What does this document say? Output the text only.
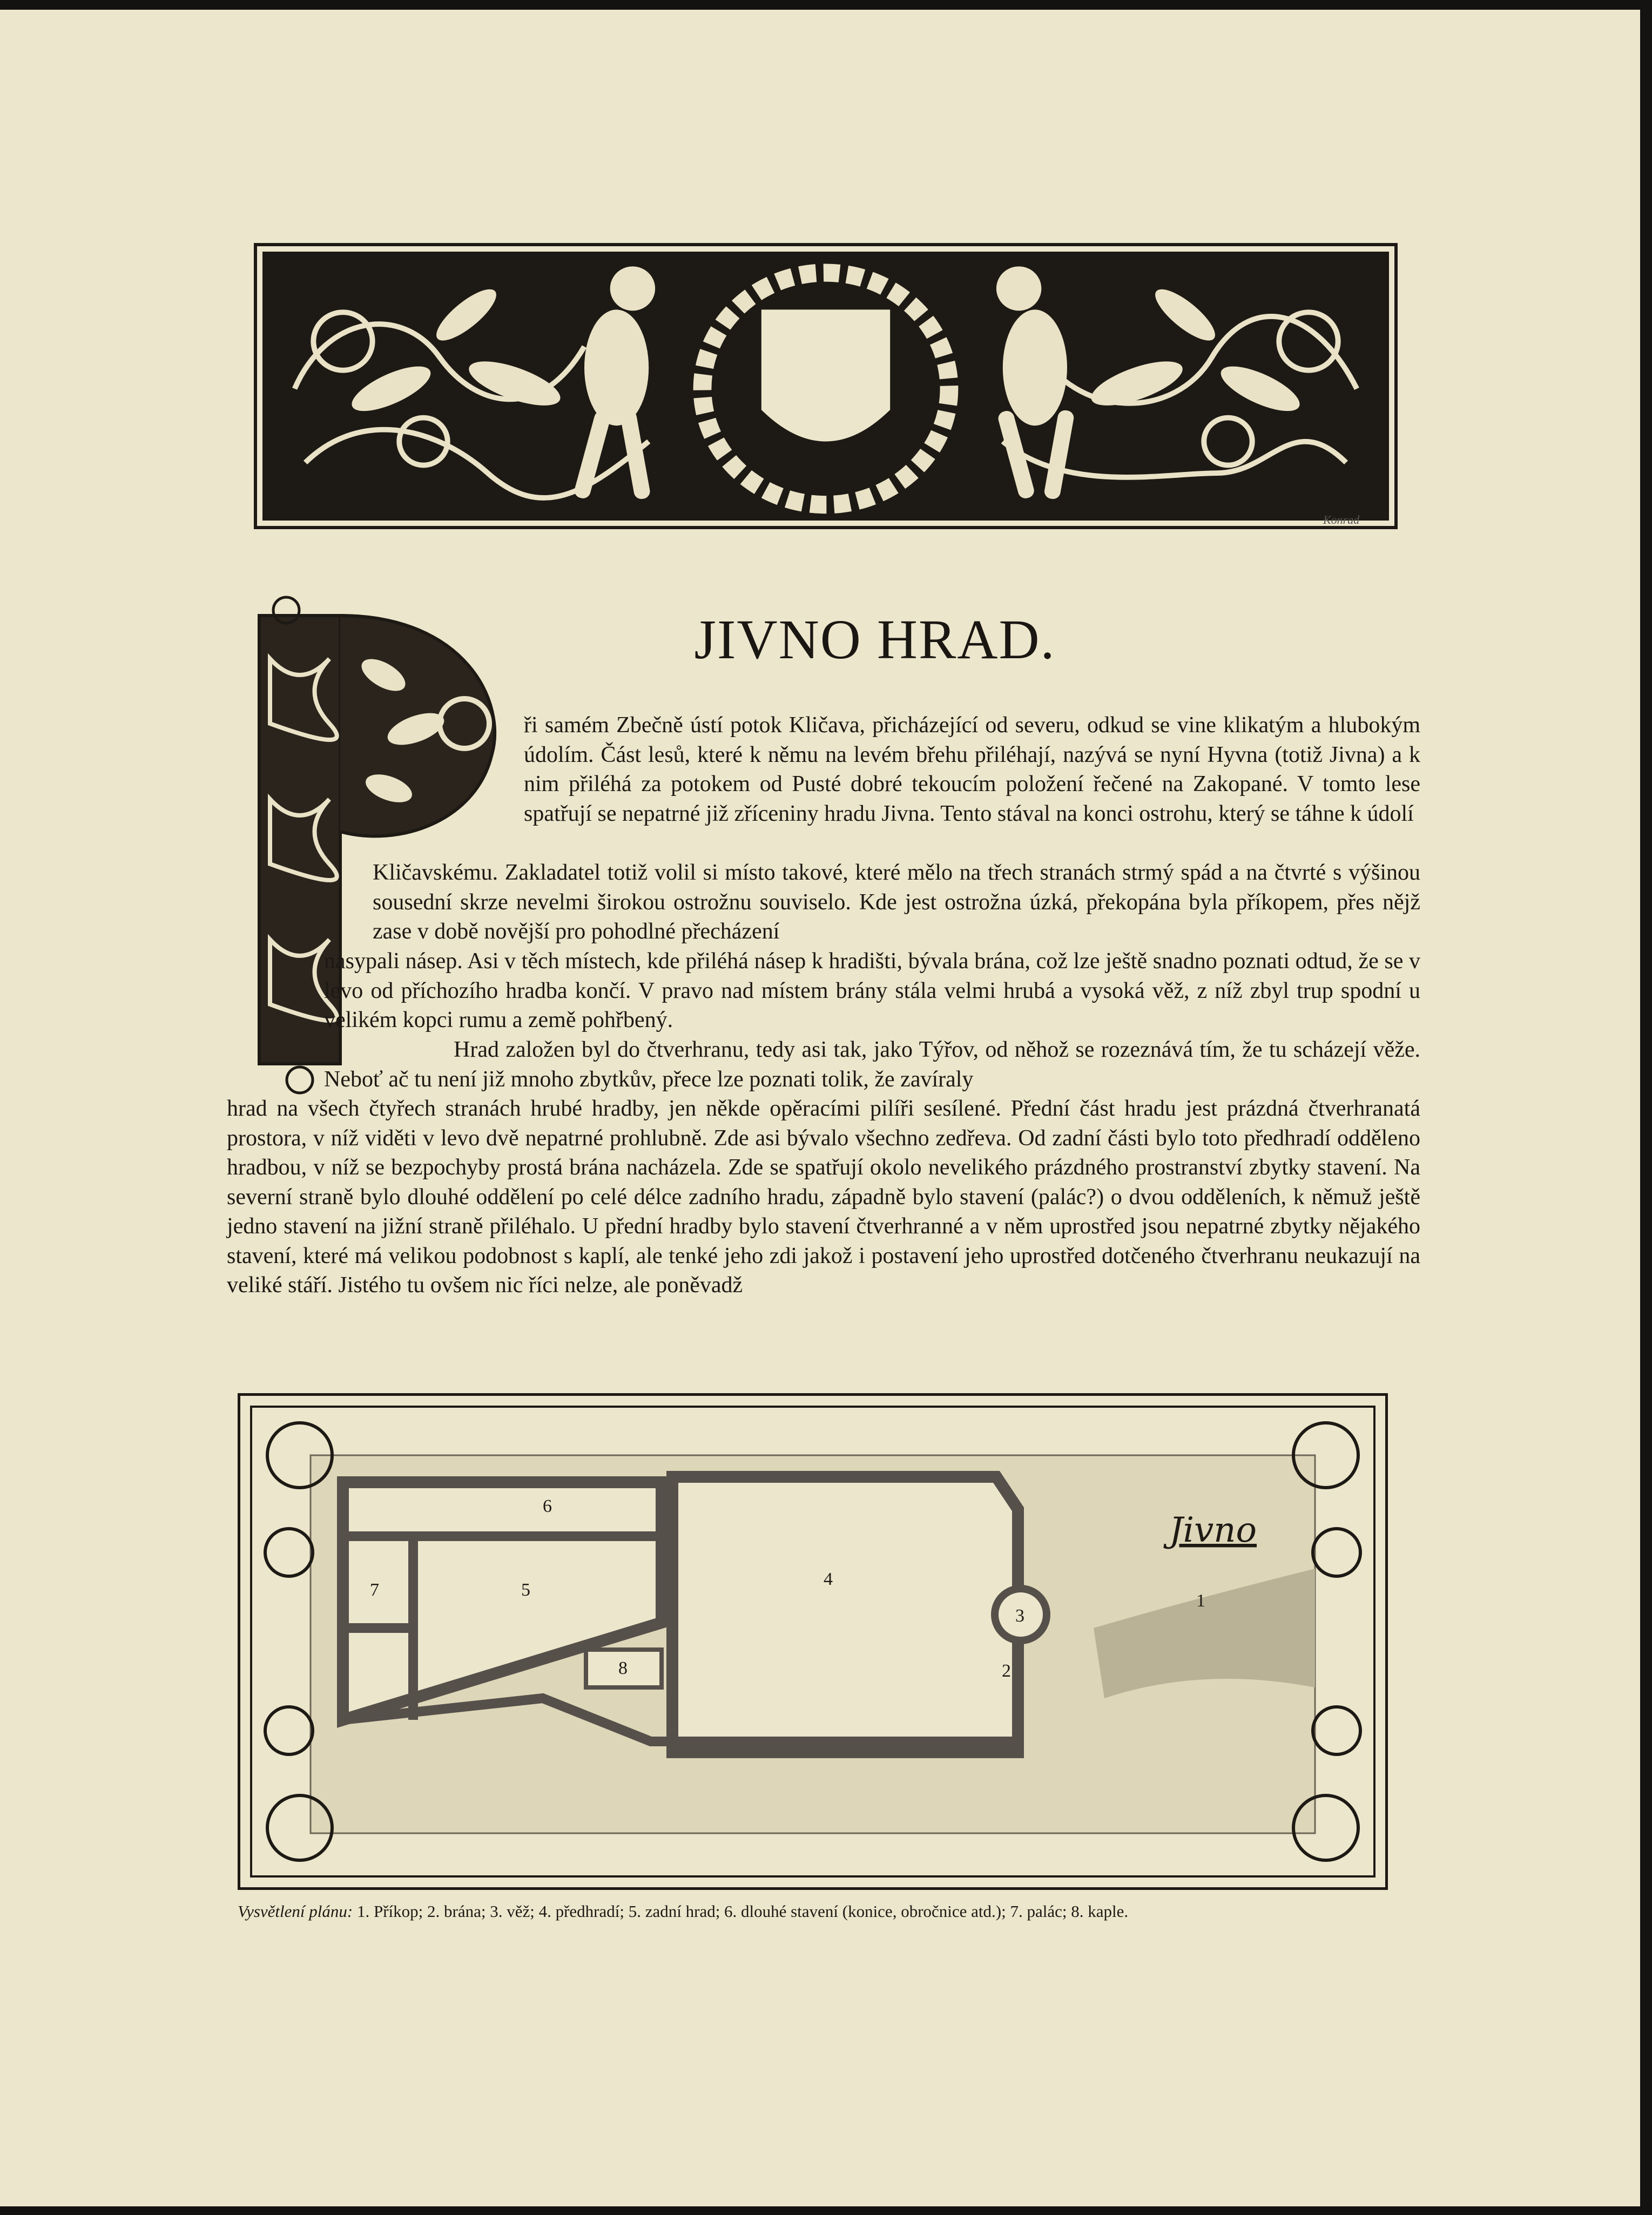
Konrad
JIVNO HRAD.
ři samém Zbečně ústí potok Kličava, přicházející od severu, odkud se vine klikatým a hlubokým údolím. Část lesů, které k němu na levém břehu přiléhají, nazývá se nyní Hyvna (totiž Jivna) a k nim přiléhá za potokem od Pusté dobré tekoucím položení řečené na Zakopané. V tomto lese spatřují se nepatrné již zříceniny hradu Jivna. Tento stával na konci ostrohu, který se táhne k údolí
Kličavskému. Zakladatel totiž volil si místo takové, které mělo na třech stranách strmý spád a na čtvrté s výšinou sousední skrze nevelmi širokou ostrožnu souviselo. Kde jest ostrožna úzká, překopána byla příkopem, přes nějž zase v době novější pro pohodlné přecházení
nasypali násep. Asi v těch místech, kde přiléhá násep k hradišti, bývala brána, což lze ještě snadno poznati odtud, že se v levo od příchozího hradba končí. V pravo nad místem brány stála velmi hrubá a vysoká věž, z níž zbyl trup spodní u velikém kopci rumu a země pohřbený.
Hrad založen byl do čtverhranu, tedy asi tak, jako Týřov, od něhož se rozeznává tím, že tu scházejí věže. Neboť ač tu není již mnoho zbytkův, přece lze poznati tolik, že zavíraly
hrad na všech čtyřech stranách hrubé hradby, jen někde opěracími pilíři sesílené. Přední část hradu jest prázdná čtverhranatá prostora, v níž viděti v levo dvě nepatrné prohlubně. Zde asi bývalo všechno zedřeva. Od zadní části bylo toto předhradí odděleno hradbou, v níž se bezpochyby prostá brána nacházela. Zde se spatřují okolo nevelikého prázdného prostranství zbytky stavení. Na severní straně bylo dlouhé oddělení po celé délce zadního hradu, západně bylo stavení (palác?) o dvou odděleních, k němuž ještě jedno stavení na jižní straně přiléhalo. U přední hradby bylo stavení čtverhranné a v něm uprostřed jsou nepatrné zbytky nějakého stavení, které má velikou podobnost s kaplí, ale tenké jeho zdi jakož i postavení jeho uprostřed dotčeného čtverhranu neukazují na veliké stáří. Jistého tu ovšem nic říci nelze, ale poněvadž
1
2
3
4
5
6
7
8
Jivno
Vysvětlení plánu: 1. Příkop; 2. brána; 3. věž; 4. předhradí; 5. zadní hrad; 6. dlouhé stavení (konice, obročnice atd.); 7. palác; 8. kaple.
